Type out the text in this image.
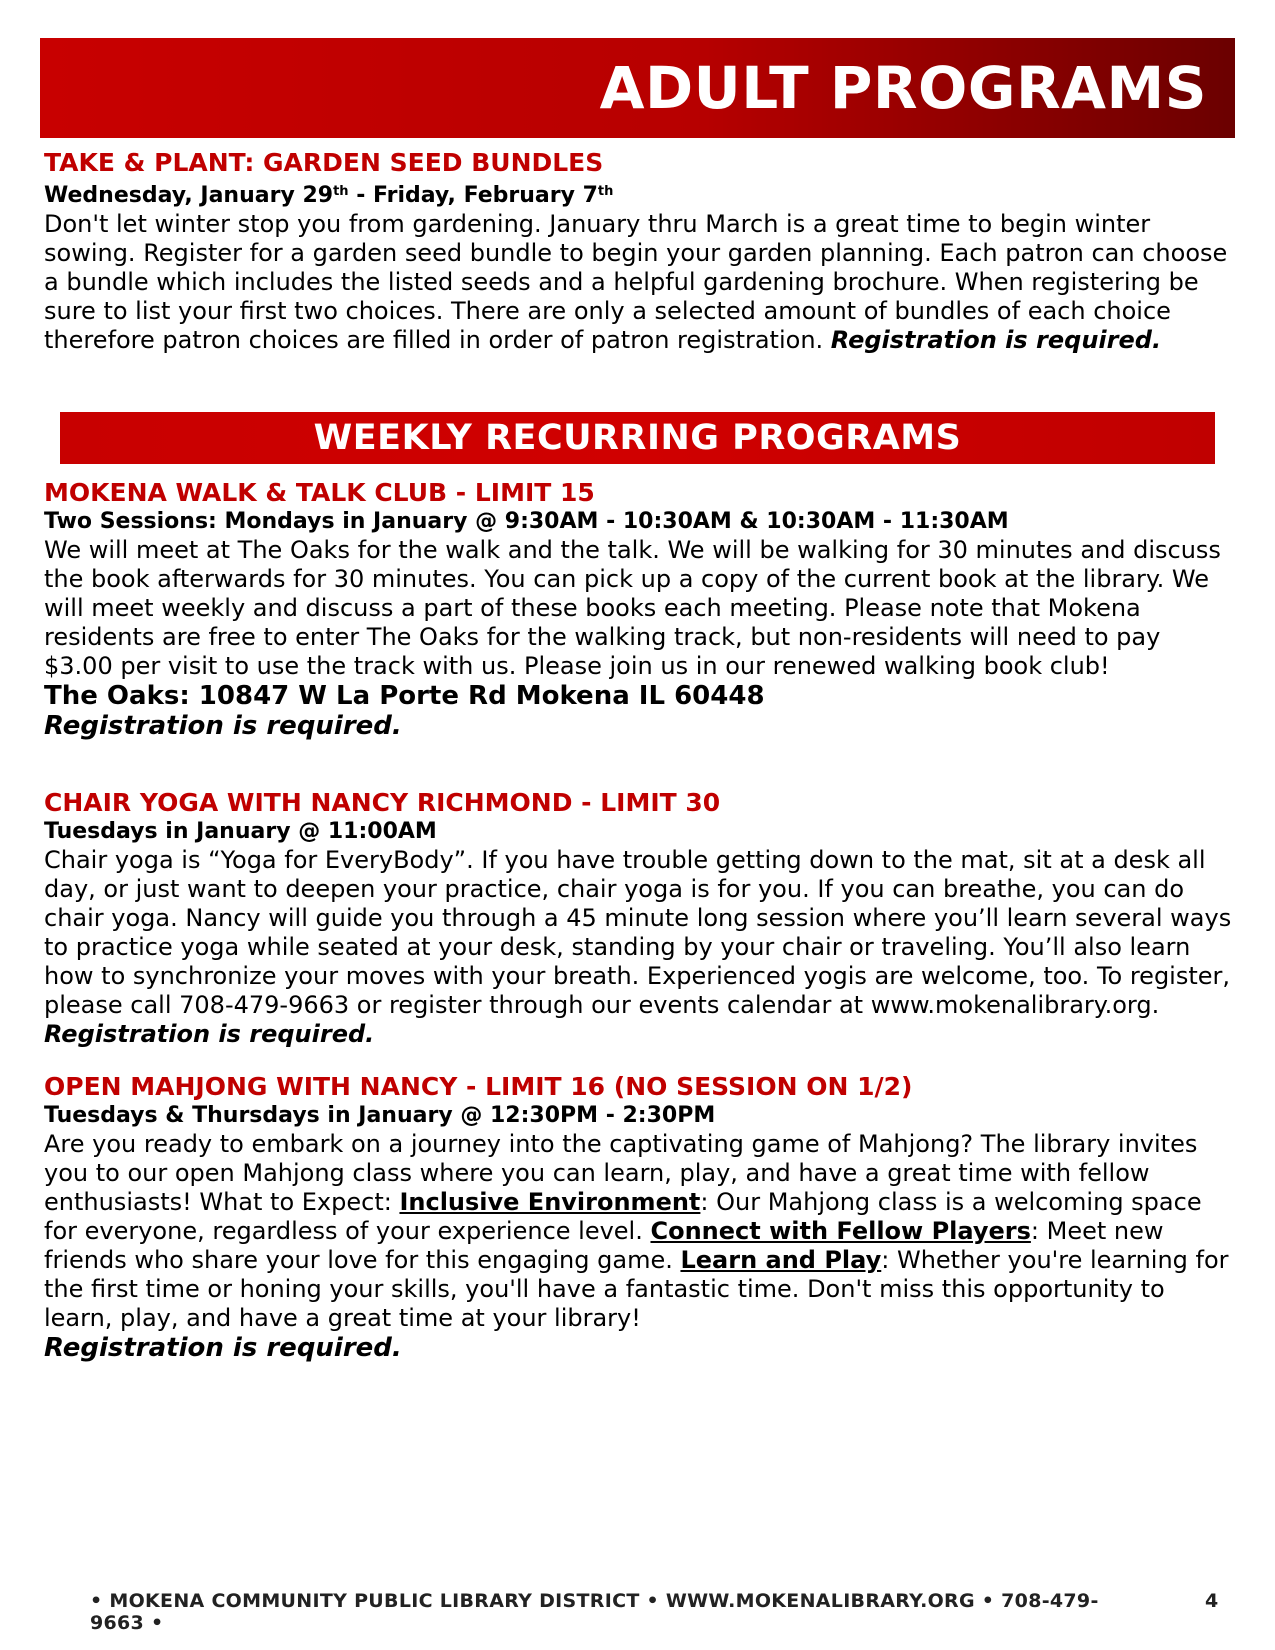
ADULT PROGRAMS

TAKE & PLANT: GARDEN SEED BUNDLES

Wednesday, January 29th - Friday, February 7th

Don't let winter stop you from gardening. January thru March is a great time to begin winter sowing. Register for a garden seed bundle to begin your garden planning. Each patron can choose a bundle which includes the listed seeds and a helpful gardening brochure. When registering be sure to list your first two choices. There are only a selected amount of bundles of each choice therefore patron choices are filled in order of patron registration. Registration is required.

WEEKLY RECURRING PROGRAMS

MOKENA WALK & TALK CLUB - LIMIT 15

Two Sessions: Mondays in January @ 9:30AM - 10:30AM & 10:30AM - 11:30AM

We will meet at The Oaks for the walk and the talk. We will be walking for 30 minutes and discuss the book afterwards for 30 minutes. You can pick up a copy of the current book at the library. We will meet weekly and discuss a part of these books each meeting. Please note that Mokena residents are free to enter The Oaks for the walking track, but non-residents will need to pay $3.00 per visit to use the track with us. Please join us in our renewed walking book club!

The Oaks: 10847 W La Porte Rd Mokena IL 60448

Registration is required.

CHAIR YOGA WITH NANCY RICHMOND - LIMIT 30

Tuesdays in January @ 11:00AM

Chair yoga is “Yoga for EveryBody”. If you have trouble getting down to the mat, sit at a desk all day, or just want to deepen your practice, chair yoga is for you. If you can breathe, you can do chair yoga. Nancy will guide you through a 45 minute long session where you’ll learn several ways to practice yoga while seated at your desk, standing by your chair or traveling. You’ll also learn how to synchronize your moves with your breath. Experienced yogis are welcome, too. To register, please call 708-479-9663 or register through our events calendar at www.mokenalibrary.org. Registration is required.

OPEN MAHJONG WITH NANCY - LIMIT 16 (NO SESSION ON 1/2)

Tuesdays & Thursdays in January @ 12:30PM - 2:30PM

Are you ready to embark on a journey into the captivating game of Mahjong? The library invites you to our open Mahjong class where you can learn, play, and have a great time with fellow enthusiasts! What to Expect: Inclusive Environment: Our Mahjong class is a welcoming space for everyone, regardless of your experience level. Connect with Fellow Players: Meet new friends who share your love for this engaging game. Learn and Play: Whether you're learning for the first time or honing your skills, you'll have a fantastic time. Don't miss this opportunity to learn, play, and have a great time at your library!

Registration is required.

• MOKENA COMMUNITY PUBLIC LIBRARY DISTRICT • WWW.MOKENALIBRARY.ORG • 708-479-9663 •
4
